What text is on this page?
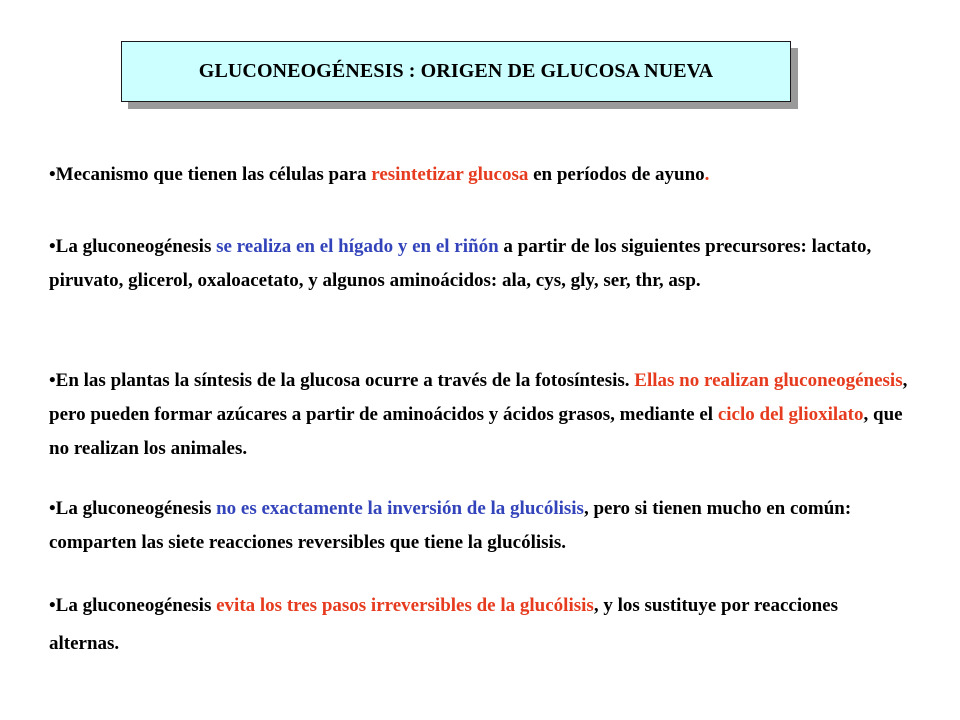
GLUCONEOGÉNESIS : ORIGEN DE GLUCOSA NUEVA
•Mecanismo que tienen las células para resintetizar glucosa en períodos de ayuno.
•La gluconeogénesis se realiza en el hígado y en el riñón a partir de los siguientes precursores: lactato, piruvato, glicerol, oxaloacetato, y algunos aminoácidos: ala, cys, gly, ser, thr, asp.
•En las plantas la síntesis de la glucosa ocurre a través de la fotosíntesis. Ellas no realizan gluconeogénesis, pero pueden formar azúcares a partir de aminoácidos y ácidos grasos, mediante el ciclo del glioxilato, que no realizan los animales.
•La gluconeogénesis no es exactamente la inversión de la glucólisis, pero si tienen mucho en común: comparten las siete reacciones reversibles que tiene la glucólisis.
•La gluconeogénesis evita los tres pasos irreversibles de la glucólisis, y los sustituye por reacciones alternas.
